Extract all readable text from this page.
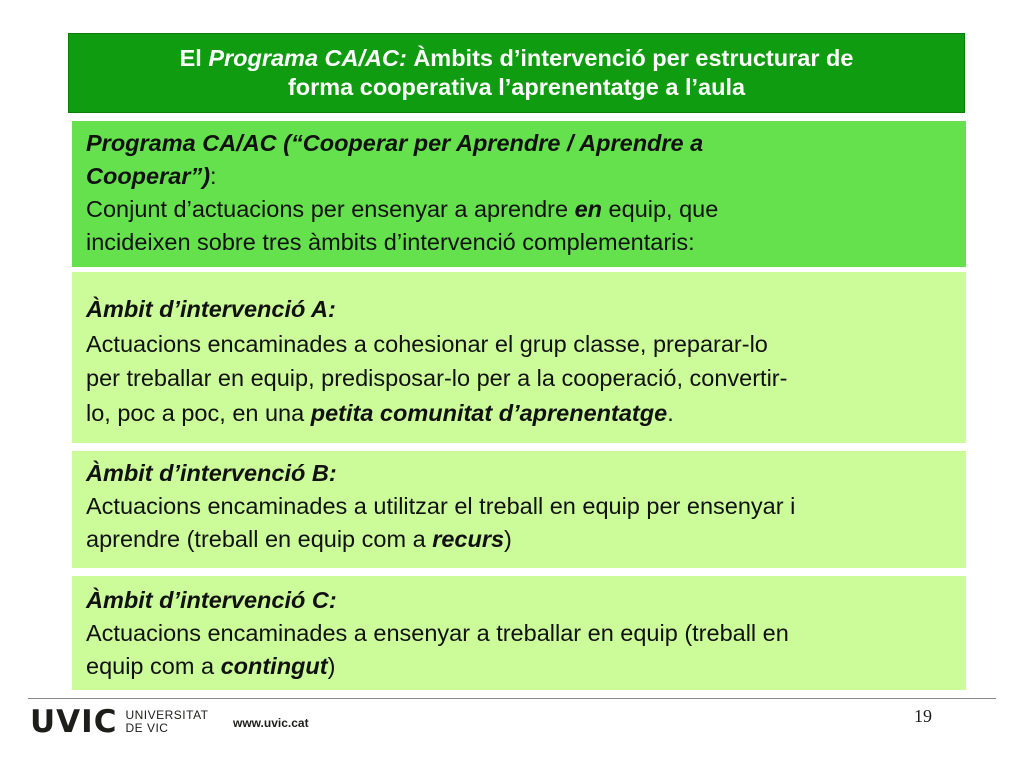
El Programa CA/AC: Àmbits d’intervenció per estructurar de
forma cooperativa l’aprenentatge a l’aula
Programa CA/AC (“Cooperar per Aprendre / Aprendre a
Cooperar”):
Conjunt d’actuacions per ensenyar a aprendre en equip, que
incideixen sobre tres àmbits d’intervenció complementaris:
Àmbit d’intervenció A:
Actuacions encaminades a cohesionar el grup classe, preparar-lo
per treballar en equip, predisposar-lo per a la cooperació, convertir-
lo, poc a poc, en una petita comunitat d’aprenentatge.
Àmbit d’intervenció B:
Actuacions encaminades a utilitzar el treball en equip per ensenyar i
aprendre (treball en equip com a recurs)
Àmbit d’intervenció C:
Actuacions encaminades a ensenyar a treballar en equip (treball en
equip com a contingut)
UVIC UNIVERSITAT
DE VIC	www.uvic.cat	19
